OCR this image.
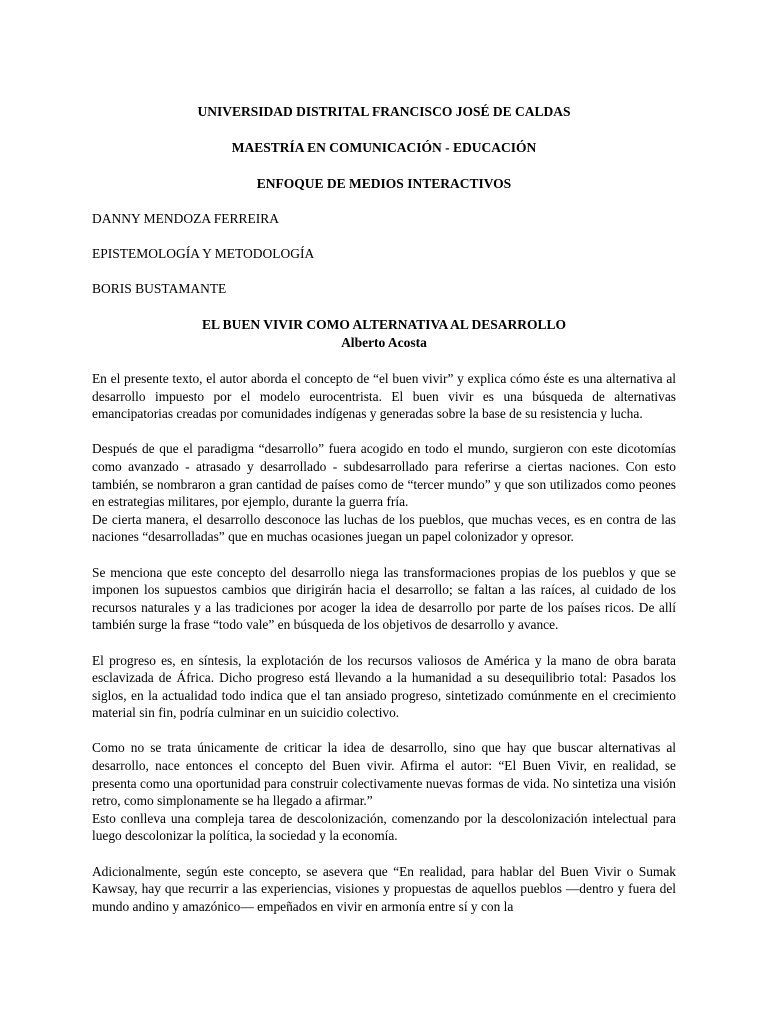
UNIVERSIDAD DISTRITAL FRANCISCO JOSÉ DE CALDAS
MAESTRÍA EN COMUNICACIÓN - EDUCACIÓN
ENFOQUE DE MEDIOS INTERACTIVOS
DANNY MENDOZA FERREIRA
EPISTEMOLOGÍA Y METODOLOGÍA
BORIS BUSTAMANTE
EL BUEN VIVIR COMO ALTERNATIVA AL DESARROLLO
Alberto Acosta

En el presente texto, el autor aborda el concepto de “el buen vivir” y explica cómo éste es una alternativa al desarrollo impuesto por el modelo eurocentrista. El buen vivir es una búsqueda de alternativas emancipatorias creadas por comunidades indígenas y generadas sobre la base de su resistencia y lucha.

Después de que el paradigma “desarrollo” fuera acogido en todo el mundo, surgieron con este dicotomías como avanzado - atrasado y desarrollado - subdesarrollado para referirse a ciertas naciones. Con esto también, se nombraron a gran cantidad de países como de “tercer mundo” y que son utilizados como peones en estrategias militares, por ejemplo, durante la guerra fría.

De cierta manera, el desarrollo desconoce las luchas de los pueblos, que muchas veces, es en contra de las naciones “desarrolladas” que en muchas ocasiones juegan un papel colonizador y opresor.

Se menciona que este concepto del desarrollo niega las transformaciones propias de los pueblos y que se imponen los supuestos cambios que dirigirán hacia el desarrollo; se faltan a las raíces, al cuidado de los recursos naturales y a las tradiciones por acoger la idea de desarrollo por parte de los países ricos. De allí también surge la frase “todo vale” en búsqueda de los objetivos de desarrollo y avance.

El progreso es, en síntesis, la explotación de los recursos valiosos de América y la mano de obra barata esclavizada de África. Dicho progreso está llevando a la humanidad a su desequilibrio total: Pasados los siglos, en la actualidad todo indica que el tan ansiado progreso, sintetizado comúnmente en el crecimiento material sin fin, podría culminar en un suicidio colectivo.

Como no se trata únicamente de criticar la idea de desarrollo, sino que hay que buscar alternativas al desarrollo, nace entonces el concepto del Buen vivir. Afirma el autor: “El Buen Vivir, en realidad, se presenta como una oportunidad para construir colectivamente nuevas formas de vida. No sintetiza una visión retro, como simplonamente se ha llegado a afirmar.”

Esto conlleva una compleja tarea de descolonización, comenzando por la descolonización intelectual para luego descolonizar la política, la sociedad y la economía.

Adicionalmente, según este concepto, se asevera que “En realidad, para hablar del Buen Vivir o Sumak Kawsay, hay que recurrir a las experiencias, visiones y propuestas de aquellos pueblos —dentro y fuera del mundo andino y amazónico— empeñados en vivir en armonía entre sí y con la
